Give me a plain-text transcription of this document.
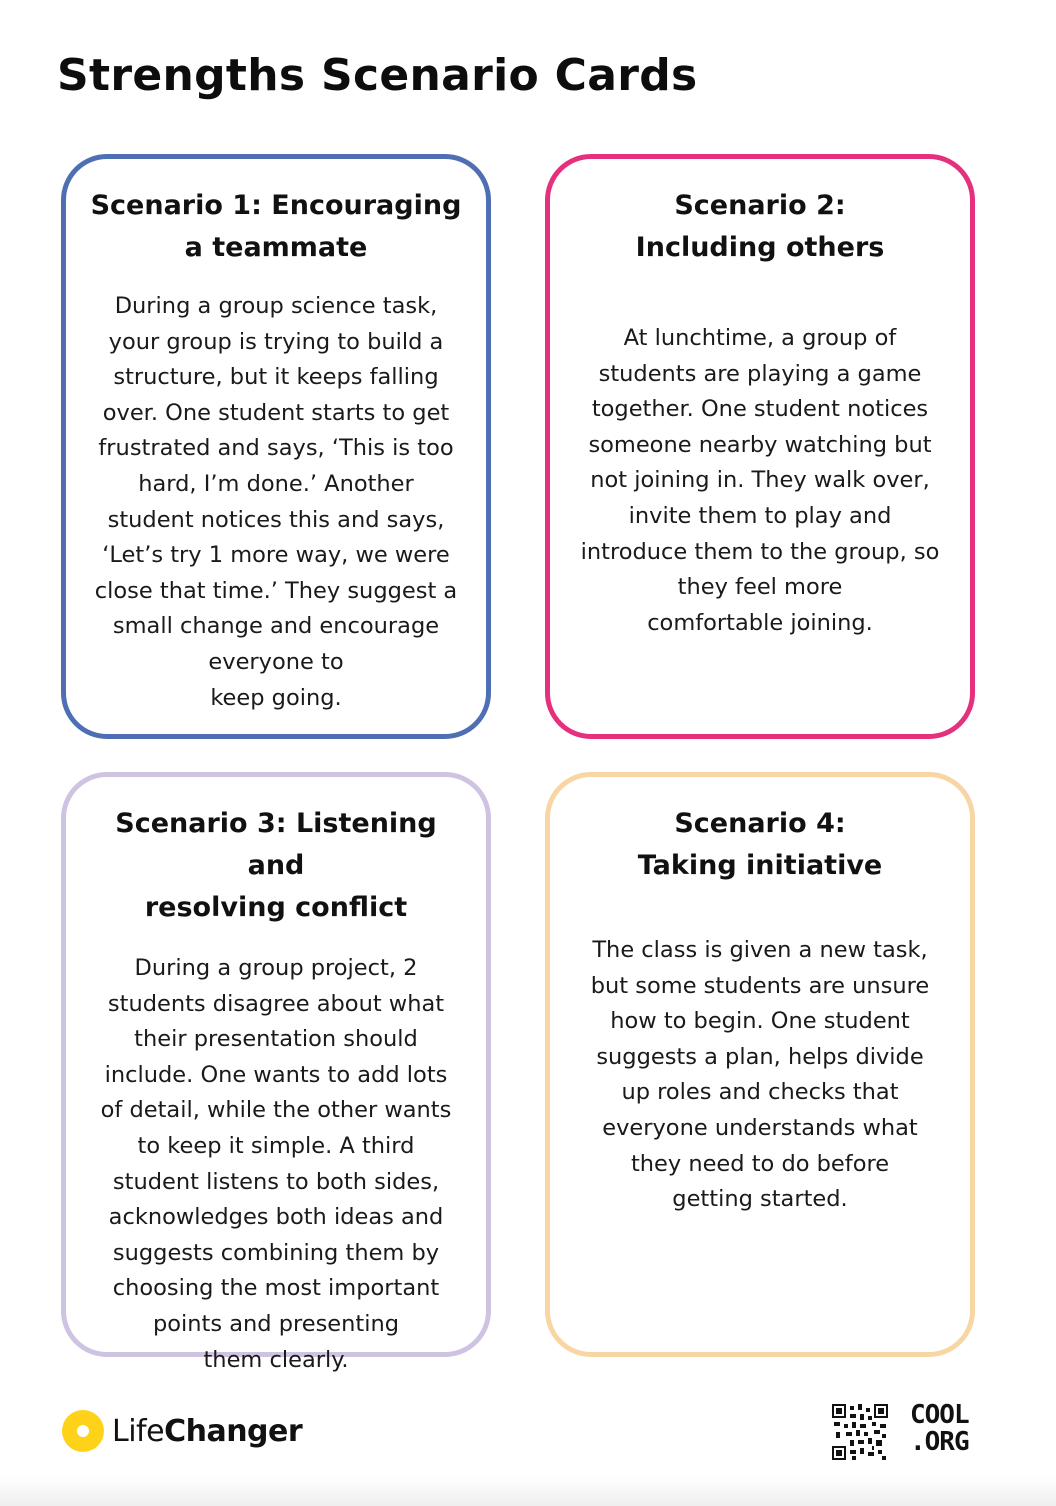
Strengths Scenario Cards
Scenario 1: Encouraging
a teammate
During a group science task,
your group is trying to build a
structure, but it keeps falling
over. One student starts to get
frustrated and says, ‘This is too
hard, I’m done.’ Another
student notices this and says,
‘Let’s try 1 more way, we were
close that time.’ They suggest a
small change and encourage
everyone to
keep going.
Scenario 2:
Including others
At lunchtime, a group of
students are playing a game
together. One student notices
someone nearby watching but
not joining in. They walk over,
invite them to play and
introduce them to the group, so
they feel more
comfortable joining.
Scenario 3: Listening and
resolving conflict
During a group project, 2
students disagree about what
their presentation should
include. One wants to add lots
of detail, while the other wants
to keep it simple. A third
student listens to both sides,
acknowledges both ideas and
suggests combining them by
choosing the most important
points and presenting
them clearly.
Scenario 4:
Taking initiative
The class is given a new task,
but some students are unsure
how to begin. One student
suggests a plan, helps divide
up roles and checks that
everyone understands what
they need to do before
getting started.
LifeChanger	COOL
.ORG
